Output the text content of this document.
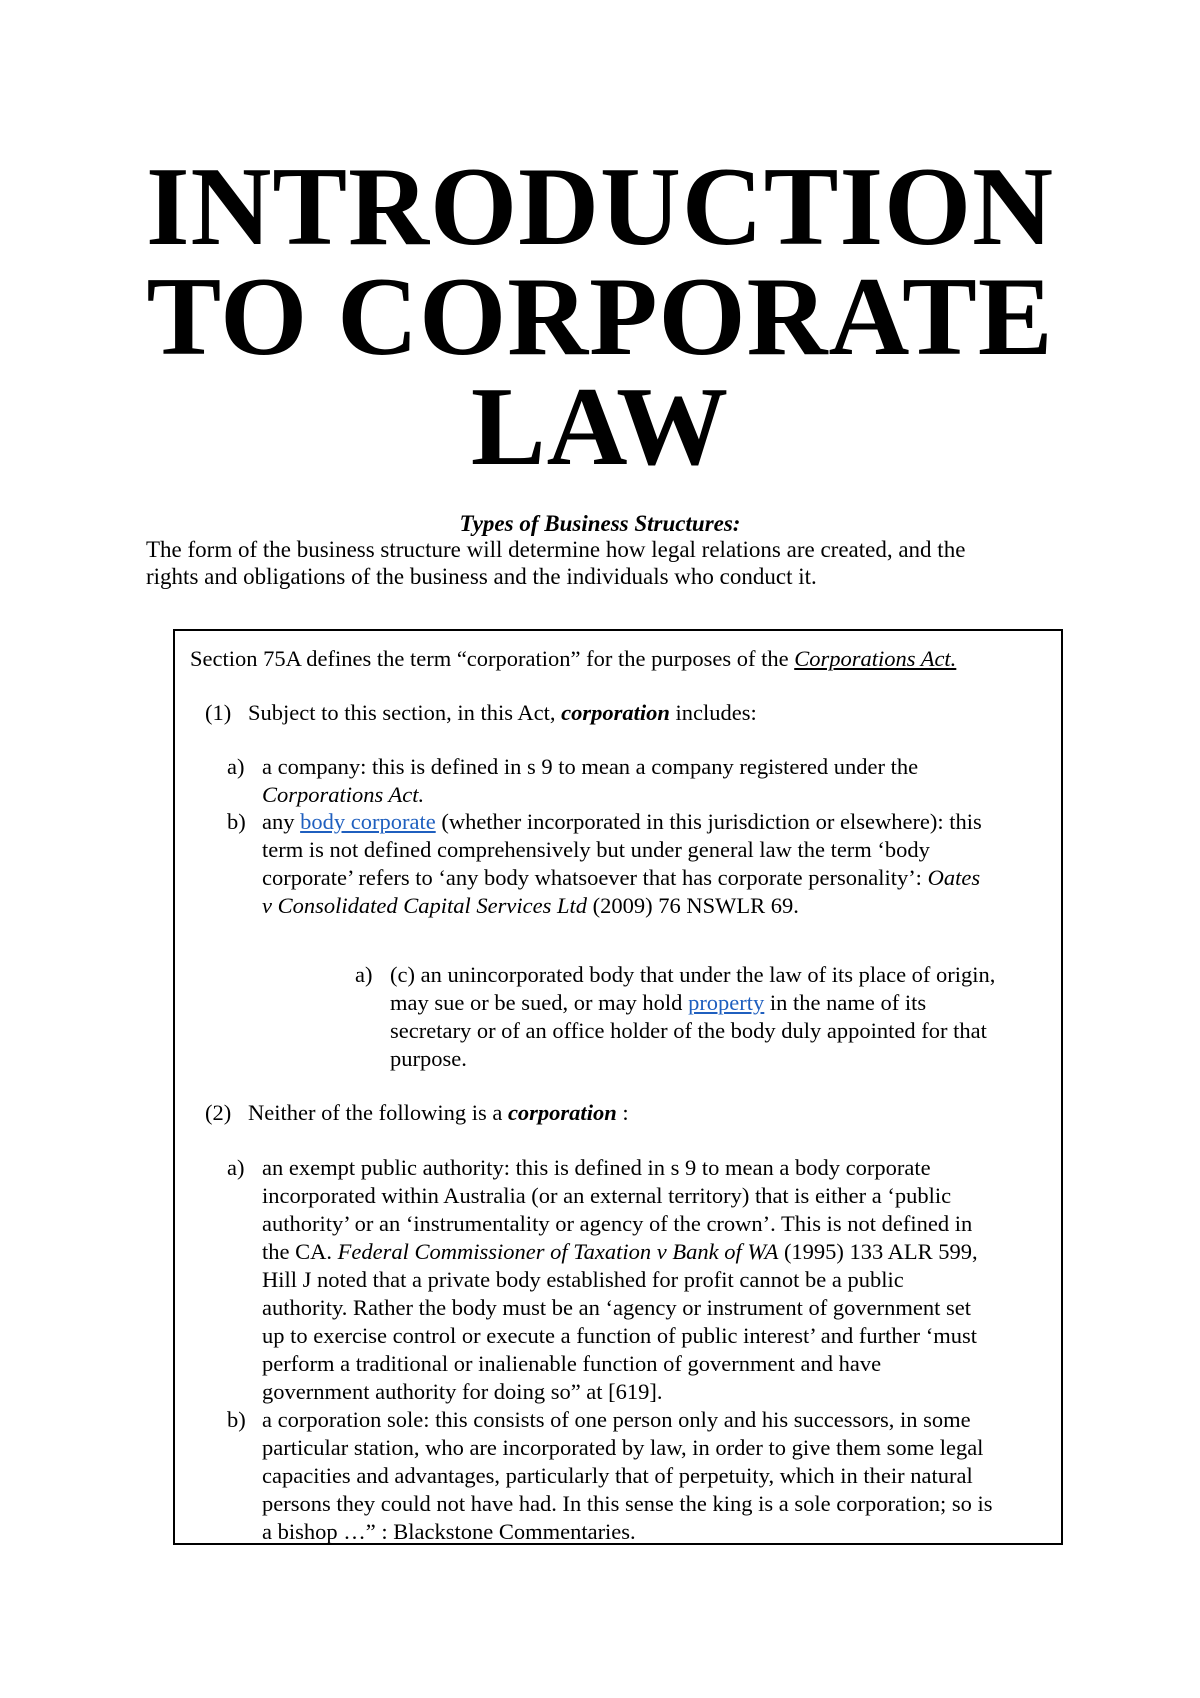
INTRODUCTION
TO CORPORATE
LAW
Types of Business Structures:
The form of the business structure will determine how legal relations are created, and the
rights and obligations of the business and the individuals who conduct it.
Section 75A defines the term “corporation” for the purposes of the Corporations Act.
(1) Subject to this section, in this Act, corporation includes:
a) a company: this is defined in s 9 to mean a company registered under the
Corporations Act.
b) any body corporate (whether incorporated in this jurisdiction or elsewhere): this
term is not defined comprehensively but under general law the term ‘body
corporate’ refers to ‘any body whatsoever that has corporate personality’: Oates
v Consolidated Capital Services Ltd (2009) 76 NSWLR 69.
a) (c) an unincorporated body that under the law of its place of origin,
may sue or be sued, or may hold property in the name of its
secretary or of an office holder of the body duly appointed for that
purpose.
(2) Neither of the following is a corporation :
a) an exempt public authority: this is defined in s 9 to mean a body corporate
incorporated within Australia (or an external territory) that is either a ‘public
authority’ or an ‘instrumentality or agency of the crown’. This is not defined in
the CA. Federal Commissioner of Taxation v Bank of WA (1995) 133 ALR 599,
Hill J noted that a private body established for profit cannot be a public
authority. Rather the body must be an ‘agency or instrument of government set
up to exercise control or execute a function of public interest’ and further ‘must
perform a traditional or inalienable function of government and have
government authority for doing so” at [619].
b) a corporation sole: this consists of one person only and his successors, in some
particular station, who are incorporated by law, in order to give them some legal
capacities and advantages, particularly that of perpetuity, which in their natural
persons they could not have had. In this sense the king is a sole corporation; so is
a bishop …” : Blackstone Commentaries.
